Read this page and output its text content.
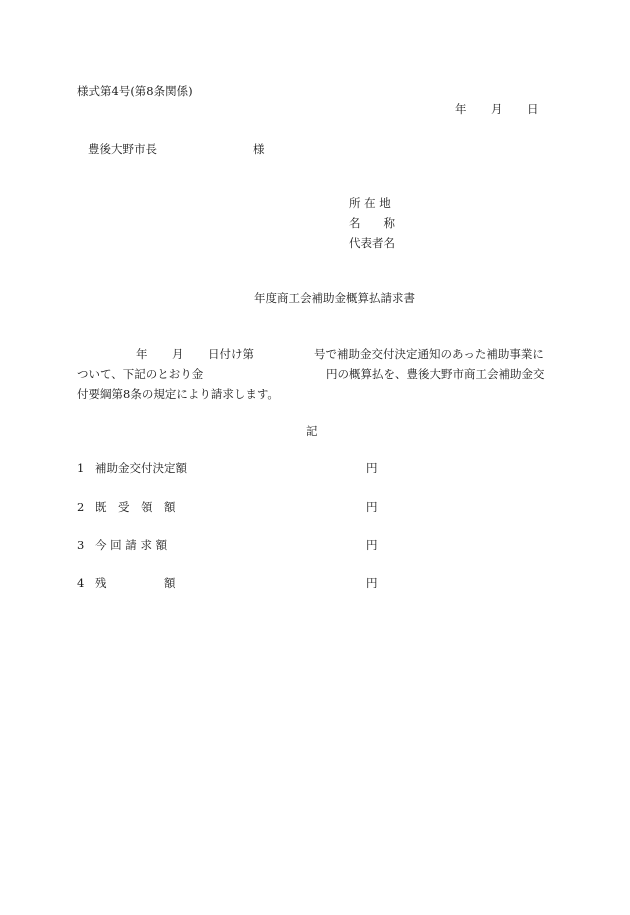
様式第4号(第8条関係)
年 月 日
豊後大野市長	様
所 在 地
名　　称
代表者名
年度商工会補助金概算払請求書
年 月 日付け第	号で補助金交付決定通知のあった補助事業に
ついて、下記のとおり金	円の概算払を、豊後大野市商工会補助金交
付要綱第8条の規定により請求します。
記
1 補助金交付決定額	円
2 既　受　領　額	円
3 今 回 請 求 額	円
4 残　　　　　額	円
